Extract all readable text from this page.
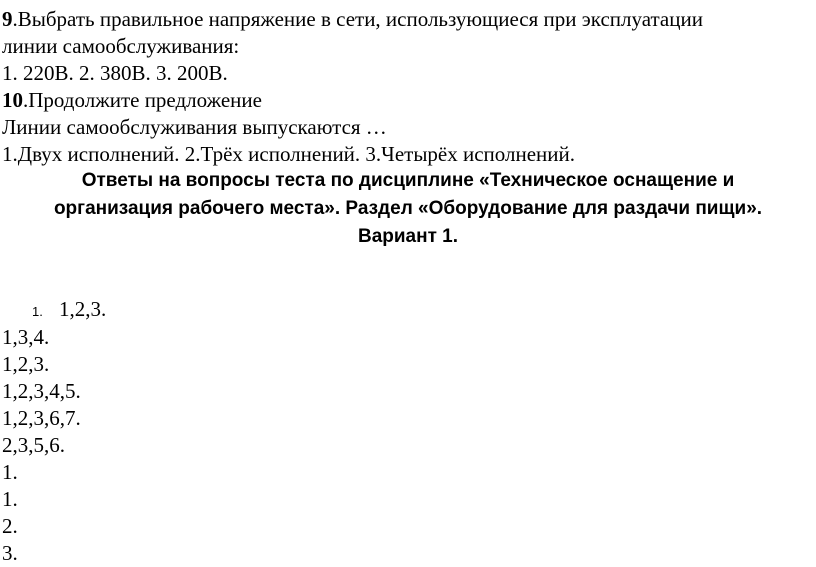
9.Выбрать правильное напряжение в сети, использующиеся при эксплуатации

линии самообслуживания:

1. 220В. 2. 380В. 3. 200В.

10.Продолжите предложение

Линии самообслуживания выпускаются …

1.Двух исполнений. 2.Трёх исполнений. 3.Четырёх исполнений.

Ответы на вопросы теста по дисциплине «Техническое оснащение и

организация рабочего места». Раздел «Оборудование для раздачи пищи».

Вариант 1.

1. 1,2,3.

1,3,4.

1,2,3.

1,2,3,4,5.

1,2,3,6,7.

2,3,5,6.

1.

1.

2.

3.
